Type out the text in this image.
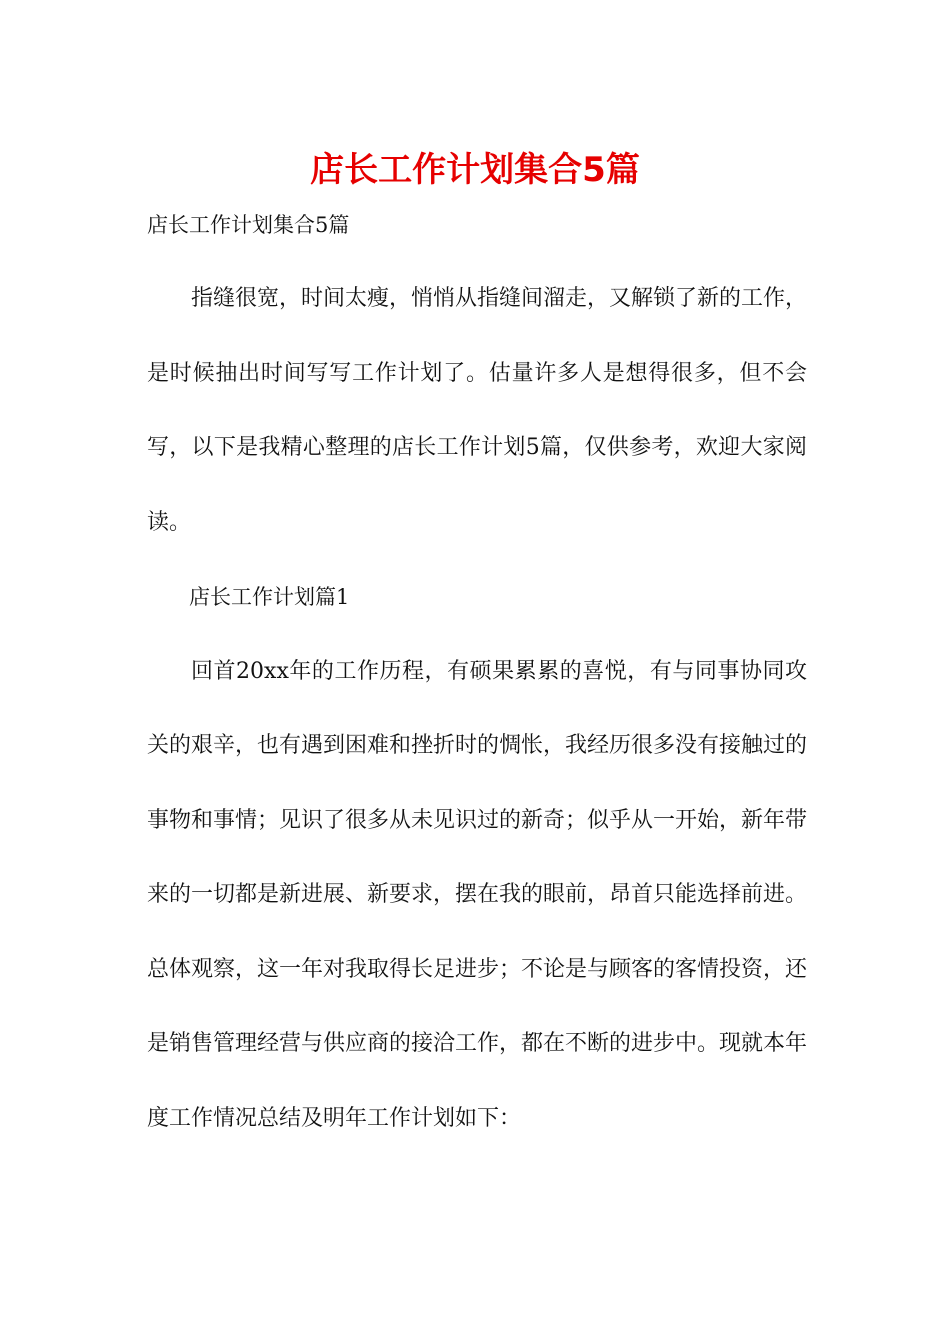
店长工作计划集合5篇
店长工作计划集合5篇

指缝很宽，时间太瘦，悄悄从指缝间溜走，又解锁了新的工作，是时候抽出时间写写工作计划了。估量许多人是想得很多，但不会写，以下是我精心整理的店长工作计划5篇，仅供参考，欢迎大家阅读。

店长工作计划篇1

回首20xx年的工作历程，有硕果累累的喜悦，有与同事协同攻关的艰辛，也有遇到困难和挫折时的惆怅，我经历很多没有接触过的事物和事情；见识了很多从未见识过的新奇；似乎从一开始，新年带来的一切都是新进展、新要求，摆在我的眼前，昂首只能选择前进。总体观察，这一年对我取得长足进步；不论是与顾客的客情投资，还是销售管理经营与供应商的接洽工作，都在不断的进步中。现就本年度工作情况总结及明年工作计划如下：
